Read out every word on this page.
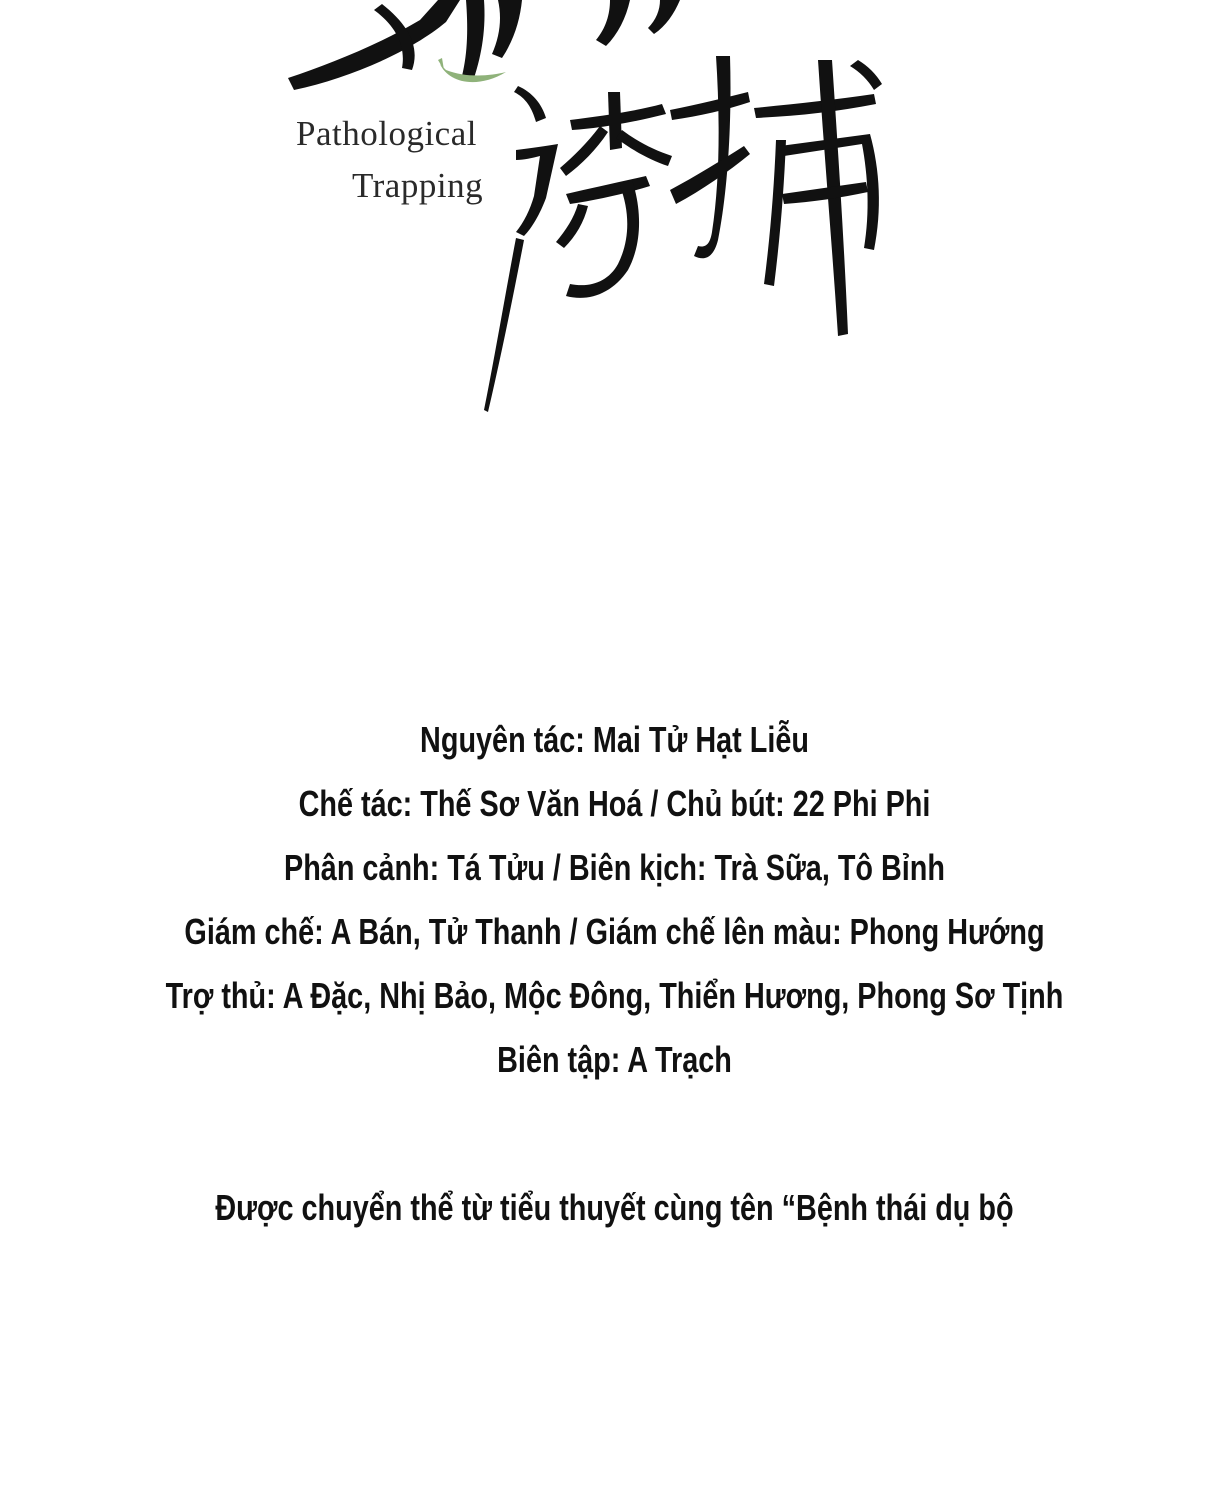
Pathological
Trapping
Nguyên tác: Mai Tử Hạt Liễu
Chế tác: Thế Sơ Văn Hoá / Chủ bút: 22 Phi Phi
Phân cảnh: Tá Tửu / Biên kịch: Trà Sữa, Tô Bỉnh
Giám chế: A Bán, Tử Thanh / Giám chế lên màu: Phong Hướng
Trợ thủ: A Đặc, Nhị Bảo, Mộc Đông, Thiển Hương, Phong Sơ Tịnh
Biên tập: A Trạch
Được chuyển thể từ tiểu thuyết cùng tên “Bệnh thái dụ bộ
